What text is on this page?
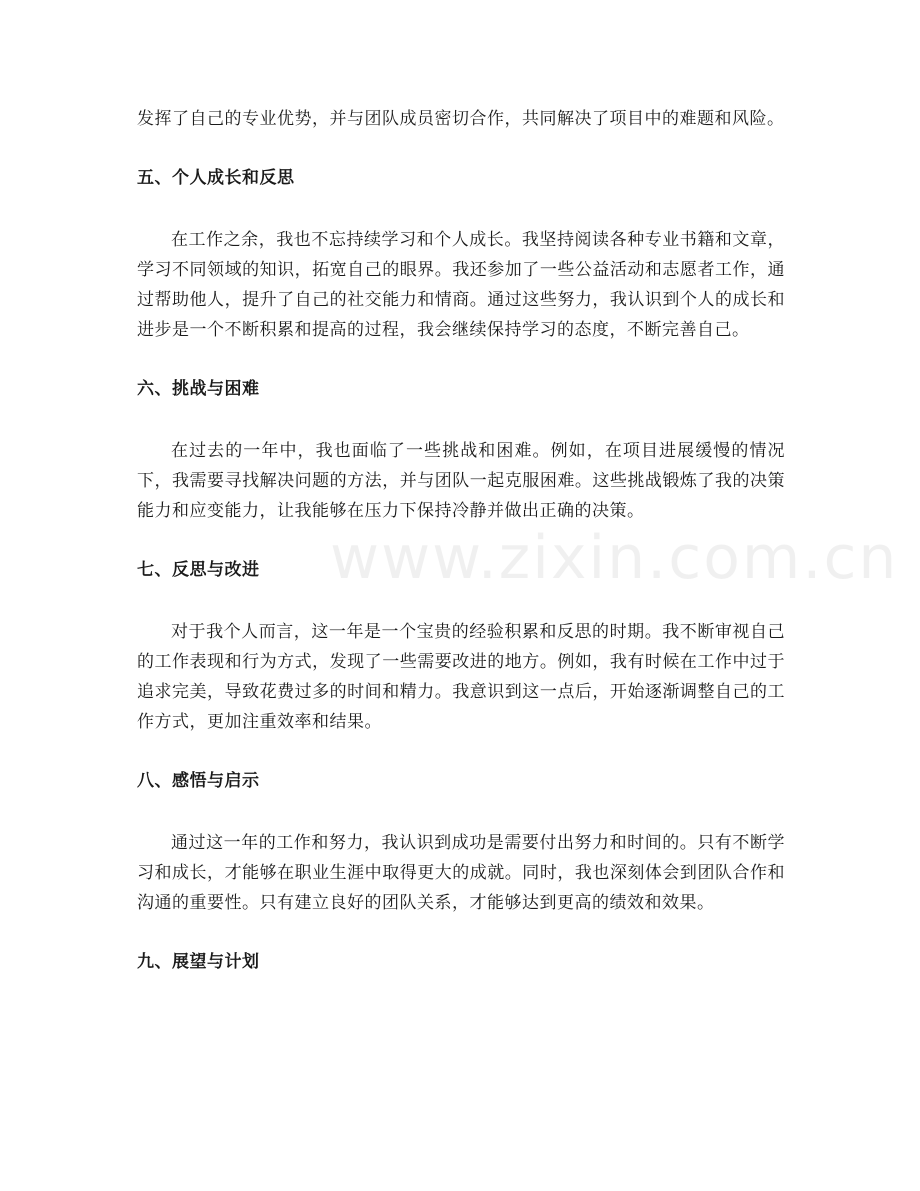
www.zixin.com.cn

发挥了自己的专业优势，并与团队成员密切合作，共同解决了项目中的难题和风险。

五、个人成长和反思

在工作之余，我也不忘持续学习和个人成长。我坚持阅读各种专业书籍和文章，学习不同领域的知识，拓宽自己的眼界。我还参加了一些公益活动和志愿者工作，通过帮助他人，提升了自己的社交能力和情商。通过这些努力，我认识到个人的成长和进步是一个不断积累和提高的过程，我会继续保持学习的态度，不断完善自己。

六、挑战与困难

在过去的一年中，我也面临了一些挑战和困难。例如，在项目进展缓慢的情况下，我需要寻找解决问题的方法，并与团队一起克服困难。这些挑战锻炼了我的决策能力和应变能力，让我能够在压力下保持冷静并做出正确的决策。

七、反思与改进

对于我个人而言，这一年是一个宝贵的经验积累和反思的时期。我不断审视自己的工作表现和行为方式，发现了一些需要改进的地方。例如，我有时候在工作中过于追求完美，导致花费过多的时间和精力。我意识到这一点后，开始逐渐调整自己的工作方式，更加注重效率和结果。

八、感悟与启示

通过这一年的工作和努力，我认识到成功是需要付出努力和时间的。只有不断学习和成长，才能够在职业生涯中取得更大的成就。同时，我也深刻体会到团队合作和沟通的重要性。只有建立良好的团队关系，才能够达到更高的绩效和效果。

九、展望与计划
